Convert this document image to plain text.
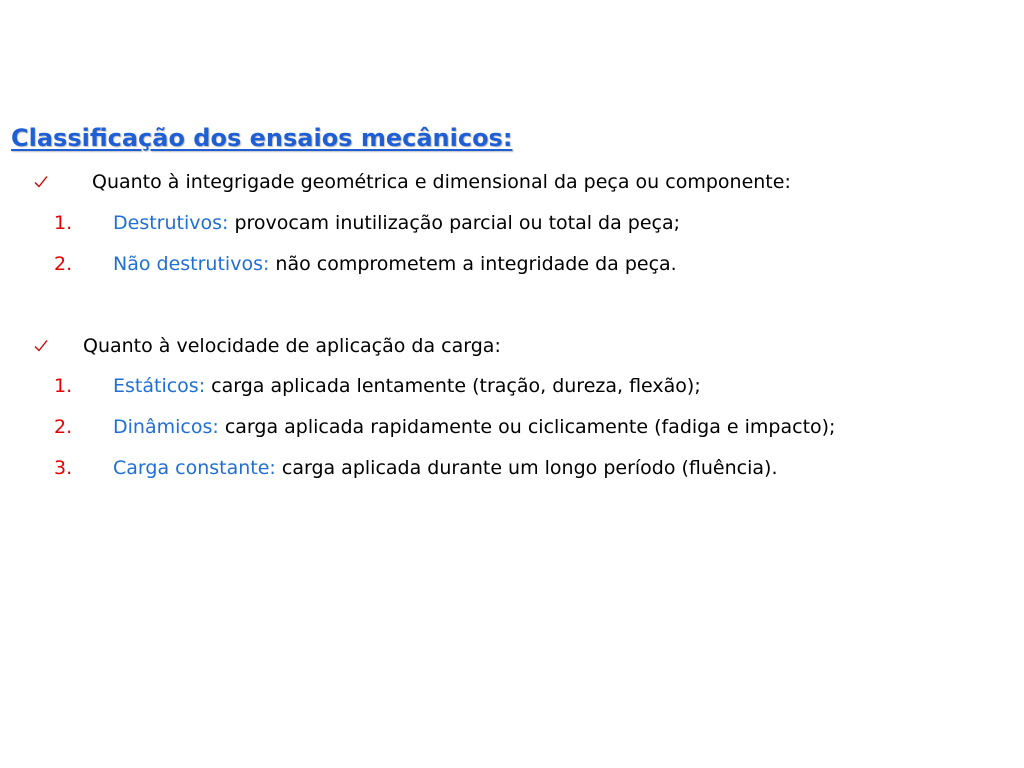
Classificação dos ensaios mecânicos:
Quanto à integrigade geométrica e dimensional da peça ou componente:
1. Destrutivos: provocam inutilização parcial ou total da peça;
2. Não destrutivos: não comprometem a integridade da peça.
Quanto à velocidade de aplicação da carga:
1. Estáticos: carga aplicada lentamente (tração, dureza, flexão);
2. Dinâmicos: carga aplicada rapidamente ou ciclicamente (fadiga e impacto);
3. Carga constante: carga aplicada durante um longo período (fluência).
